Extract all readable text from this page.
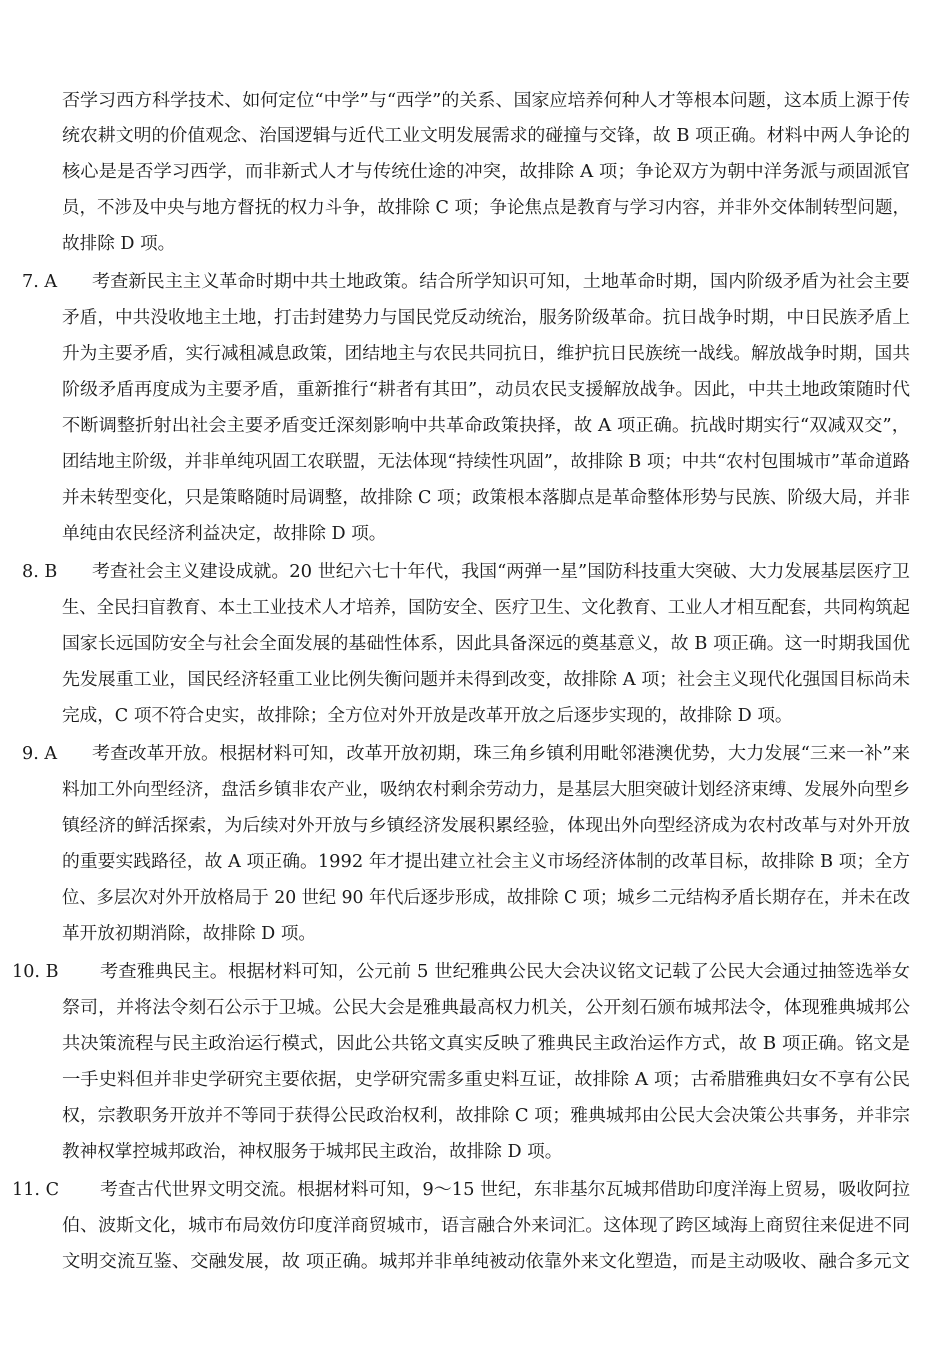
否学习西方科学技术、如何定位“中学”与“西学”的关系、国家应培养何种人才等根本问题，这本质上源于传
统农耕文明的价值观念、治国逻辑与近代工业文明发展需求的碰撞与交锋，故 B 项正确。材料中两人争论的
核心是是否学习西学，而非新式人才与传统仕途的冲突，故排除 A 项；争论双方为朝中洋务派与顽固派官
员，不涉及中央与地方督抚的权力斗争，故排除 C 项；争论焦点是教育与学习内容，并非外交体制转型问题，
故排除 D 项。
7. A 考查新民主主义革命时期中共土地政策。结合所学知识可知，土地革命时期，国内阶级矛盾为社会主要
矛盾，中共没收地主土地，打击封建势力与国民党反动统治，服务阶级革命。抗日战争时期，中日民族矛盾上
升为主要矛盾，实行减租减息政策，团结地主与农民共同抗日，维护抗日民族统一战线。解放战争时期，国共
阶级矛盾再度成为主要矛盾，重新推行“耕者有其田”，动员农民支援解放战争。因此，中共土地政策随时代
不断调整折射出社会主要矛盾变迁深刻影响中共革命政策抉择，故 A 项正确。抗战时期实行“双减双交”，
团结地主阶级，并非单纯巩固工农联盟，无法体现“持续性巩固”，故排除 B 项；中共“农村包围城市”革命道路
并未转型变化，只是策略随时局调整，故排除 C 项；政策根本落脚点是革命整体形势与民族、阶级大局，并非
单纯由农民经济利益决定，故排除 D 项。
8. B 考查社会主义建设成就。20 世纪六七十年代，我国“两弹一星”国防科技重大突破、大力发展基层医疗卫
生、全民扫盲教育、本土工业技术人才培养，国防安全、医疗卫生、文化教育、工业人才相互配套，共同构筑起
国家长远国防安全与社会全面发展的基础性体系，因此具备深远的奠基意义，故 B 项正确。这一时期我国优
先发展重工业，国民经济轻重工业比例失衡问题并未得到改变，故排除 A 项；社会主义现代化强国目标尚未
完成，C 项不符合史实，故排除；全方位对外开放是改革开放之后逐步实现的，故排除 D 项。
9. A 考查改革开放。根据材料可知，改革开放初期，珠三角乡镇利用毗邻港澳优势，大力发展“三来一补”来
料加工外向型经济，盘活乡镇非农产业，吸纳农村剩余劳动力，是基层大胆突破计划经济束缚、发展外向型乡
镇经济的鲜活探索，为后续对外开放与乡镇经济发展积累经验，体现出外向型经济成为农村改革与对外开放
的重要实践路径，故 A 项正确。1992 年才提出建立社会主义市场经济体制的改革目标，故排除 B 项；全方
位、多层次对外开放格局于 20 世纪 90 年代后逐步形成，故排除 C 项；城乡二元结构矛盾长期存在，并未在改
革开放初期消除，故排除 D 项。
10. B 考查雅典民主。根据材料可知，公元前 5 世纪雅典公民大会决议铭文记载了公民大会通过抽签选举女
祭司，并将法令刻石公示于卫城。公民大会是雅典最高权力机关，公开刻石颁布城邦法令，体现雅典城邦公
共决策流程与民主政治运行模式，因此公共铭文真实反映了雅典民主政治运作方式，故 B 项正确。铭文是
一手史料但并非史学研究主要依据，史学研究需多重史料互证，故排除 A 项；古希腊雅典妇女不享有公民
权，宗教职务开放并不等同于获得公民政治权利，故排除 C 项；雅典城邦由公民大会决策公共事务，并非宗
教神权掌控城邦政治，神权服务于城邦民主政治，故排除 D 项。
11. C 考查古代世界文明交流。根据材料可知，9～15 世纪，东非基尔瓦城邦借助印度洋海上贸易，吸收阿拉
伯、波斯文化，城市布局效仿印度洋商贸城市，语言融合外来词汇。这体现了跨区域海上商贸往来促进不同
文明交流互鉴、交融发展，故 项正确。城邦并非单纯被动依靠外来文化塑造，而是主动吸收、融合多元文
